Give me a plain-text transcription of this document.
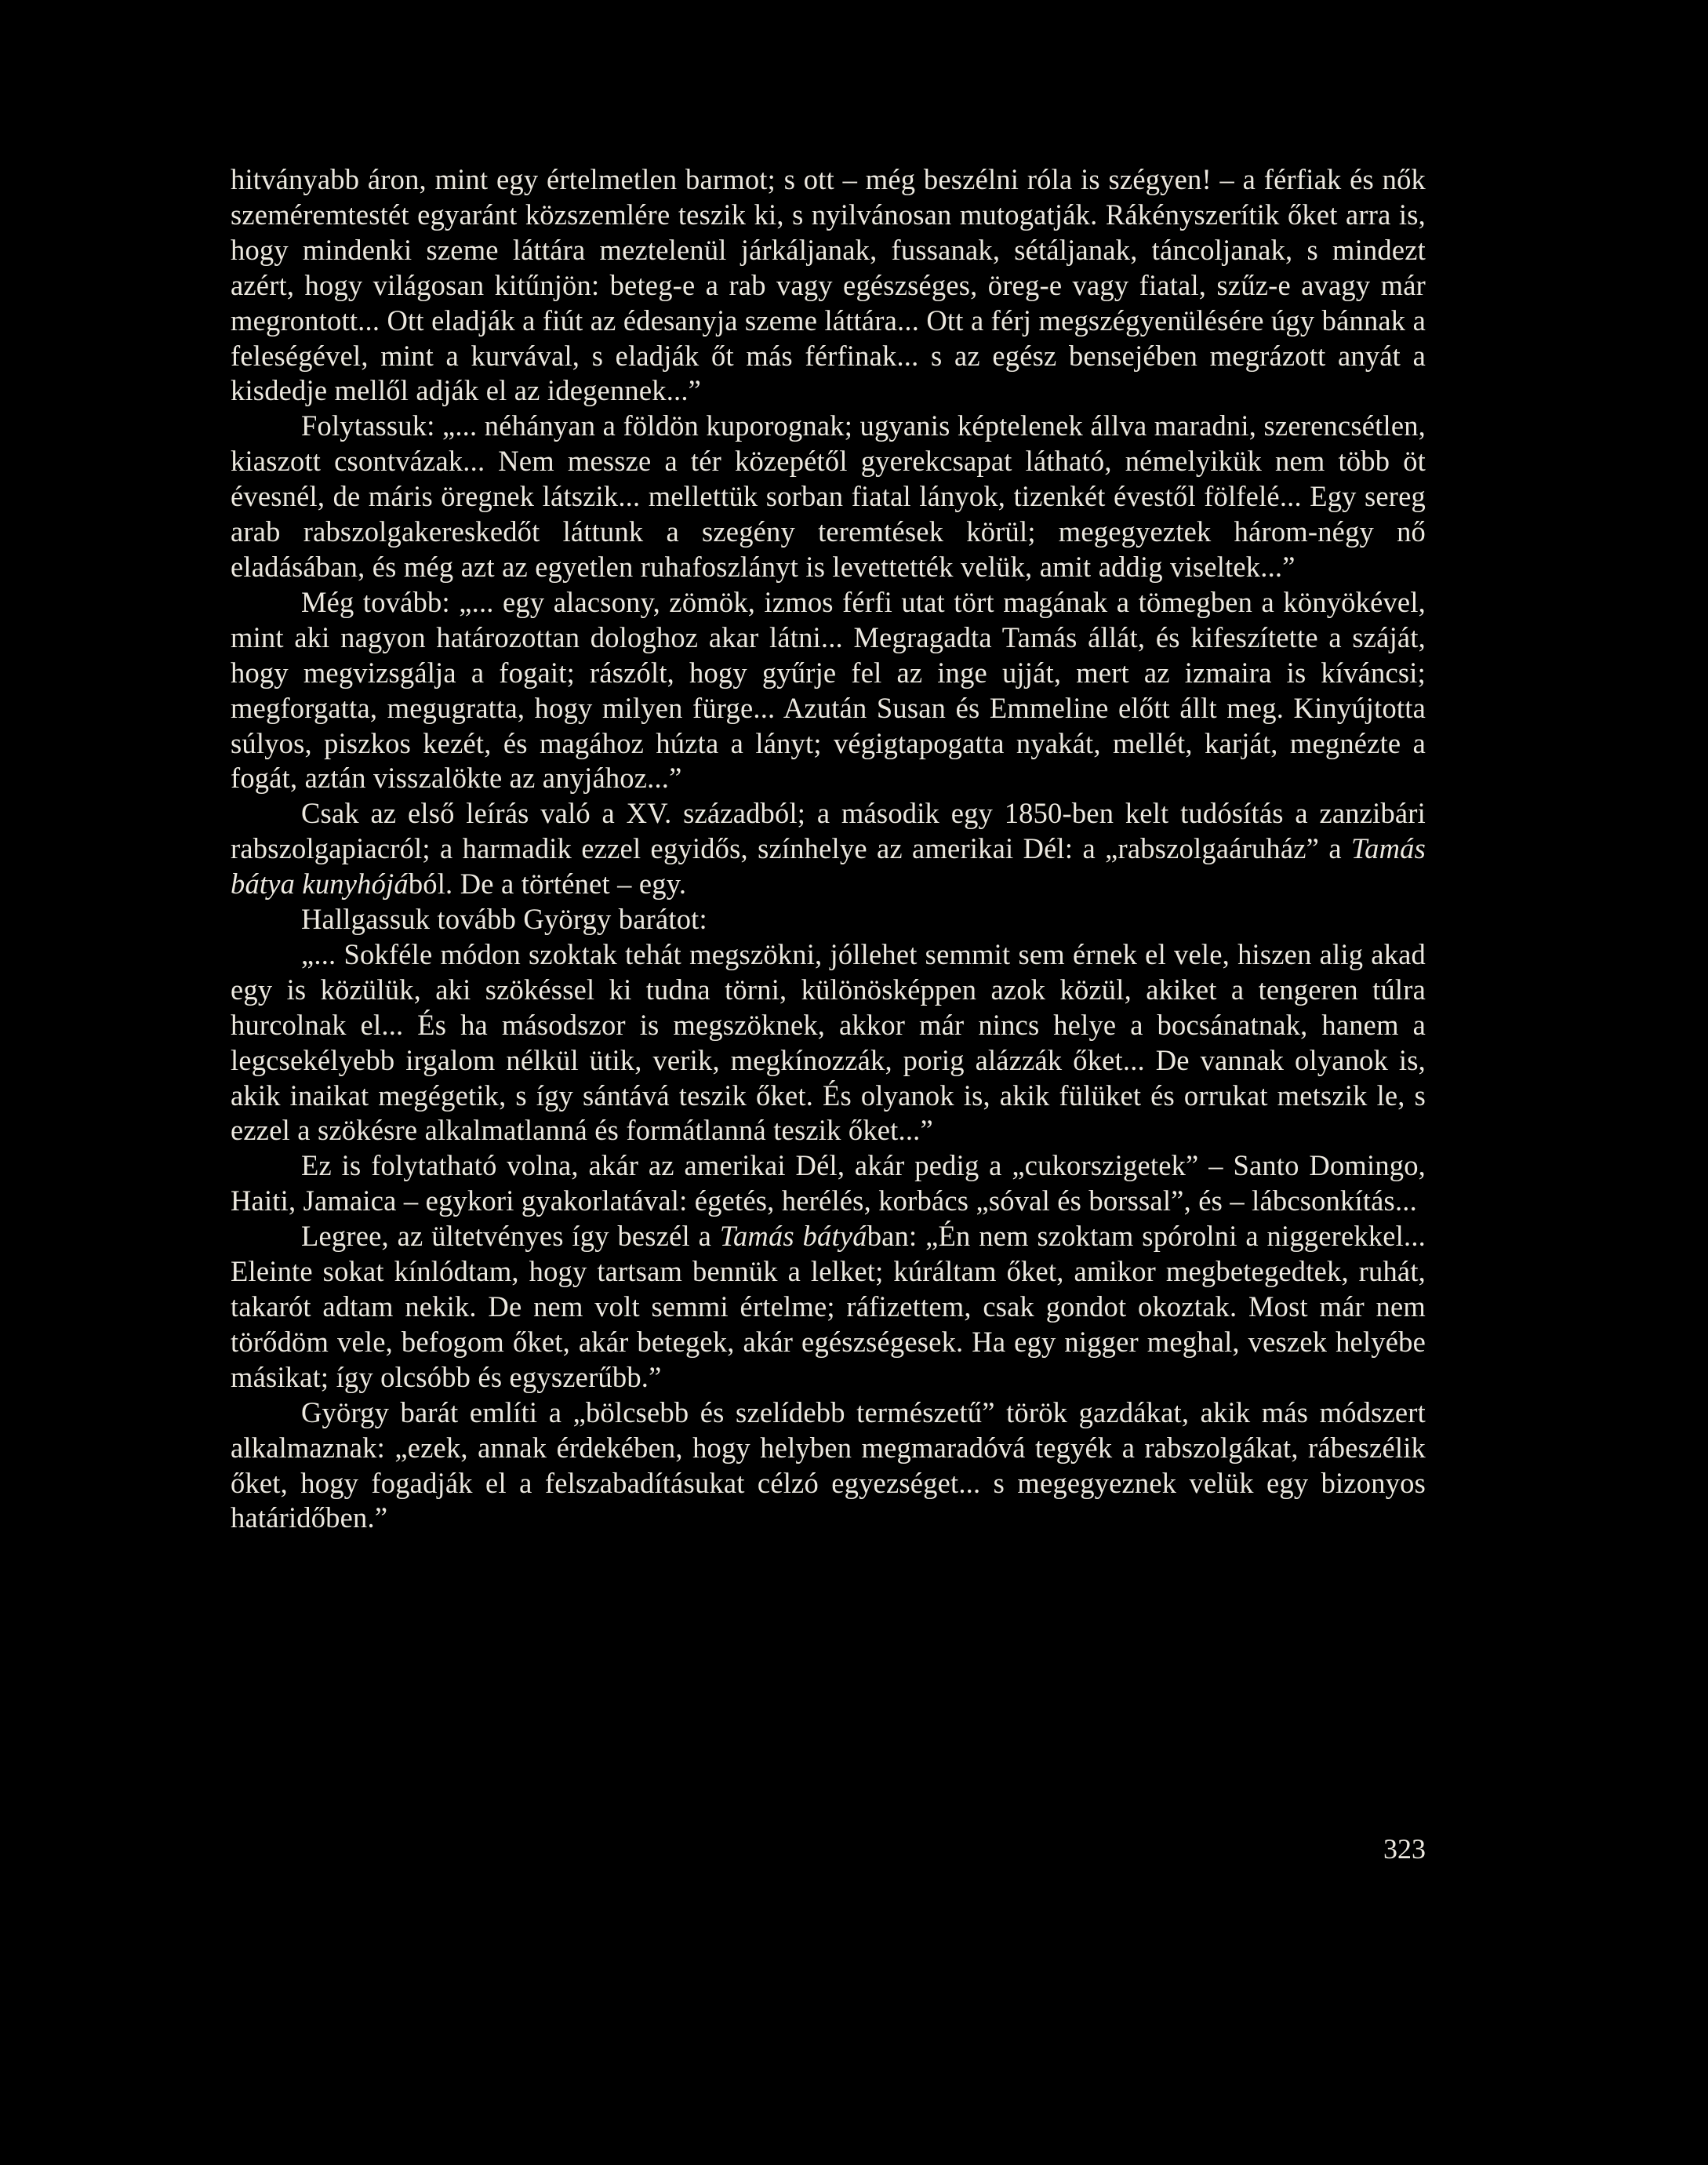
hitványabb áron, mint egy értelmetlen barmot; s ott – még beszélni róla is szégyen! – a férfiak és nők szeméremtestét egyaránt közszemlére teszik ki, s nyilvánosan mutogatják. Rákényszerítik őket arra is, hogy mindenki szeme láttára meztelenül járkáljanak, fussanak, sétáljanak, táncoljanak, s mindezt azért, hogy világosan kitűnjön: beteg-e a rab vagy egészséges, öreg-e vagy fiatal, szűz-e avagy már megrontott... Ott eladják a fiút az édesanyja szeme láttára... Ott a férj megszégyenülésére úgy bánnak a feleségével, mint a kurvával, s eladják őt más férfinak... s az egész bensejében megrázott anyát a kisdedje mellől adják el az idegennek...”

Folytassuk: „... néhányan a földön kuporognak; ugyanis képtelenek állva maradni, szerencsétlen, kiaszott csontvázak... Nem messze a tér közepétől gyerekcsapat látható, némelyikük nem több öt évesnél, de máris öregnek látszik... mellettük sorban fiatal lányok, tizenkét évestől fölfelé... Egy sereg arab rabszolgakereskedőt láttunk a szegény teremtések körül; megegyeztek három-négy nő eladásában, és még azt az egyetlen ruhafoszlányt is levettették velük, amit addig viseltek...”

Még tovább: „... egy alacsony, zömök, izmos férfi utat tört magának a tömegben a könyökével, mint aki nagyon határozottan dologhoz akar látni... Megragadta Tamás állát, és kifeszítette a száját, hogy megvizsgálja a fogait; rászólt, hogy gyűrje fel az inge ujját, mert az izmaira is kíváncsi; megforgatta, megugratta, hogy milyen fürge... Azután Susan és Emmeline előtt állt meg. Kinyújtotta súlyos, piszkos kezét, és magához húzta a lányt; végigtapogatta nyakát, mellét, karját, megnézte a fogát, aztán visszalökte az anyjához...”

Csak az első leírás való a XV. századból; a második egy 1850-ben kelt tudósítás a zanzibári rabszolgapiacról; a harmadik ezzel egyidős, színhelye az amerikai Dél: a „rabszolgaáruház” a Tamás bátya kunyhójából. De a történet – egy.

Hallgassuk tovább György barátot:

„... Sokféle módon szoktak tehát megszökni, jóllehet semmit sem érnek el vele, hiszen alig akad egy is közülük, aki szökéssel ki tudna törni, különösképpen azok közül, akiket a tengeren túlra hurcolnak el... És ha másodszor is megszöknek, akkor már nincs helye a bocsánatnak, hanem a legcsekélyebb irgalom nélkül ütik, verik, megkínozzák, porig alázzák őket... De vannak olyanok is, akik inaikat megégetik, s így sántává teszik őket. És olyanok is, akik fülüket és orrukat metszik le, s ezzel a szökésre alkalmatlanná és formátlanná teszik őket...”

Ez is folytatható volna, akár az amerikai Dél, akár pedig a „cukorszigetek” – Santo Domingo, Haiti, Jamaica – egykori gyakorlatával: égetés, herélés, korbács „sóval és borssal”, és – lábcsonkítás...

Legree, az ültetvényes így beszél a Tamás bátyában: „Én nem szoktam spórolni a niggerekkel... Eleinte sokat kínlódtam, hogy tartsam bennük a lelket; kúráltam őket, amikor megbetegedtek, ruhát, takarót adtam nekik. De nem volt semmi értelme; ráfizettem, csak gondot okoztak. Most már nem törődöm vele, befogom őket, akár betegek, akár egészségesek. Ha egy nigger meghal, veszek helyébe másikat; így olcsóbb és egyszerűbb.”

György barát említi a „bölcsebb és szelídebb természetű” török gazdákat, akik más módszert alkalmaznak: „ezek, annak érdekében, hogy helyben megmaradóvá tegyék a rabszolgákat, rábeszélik őket, hogy fogadják el a felszabadításukat célzó egyezséget... s megegyeznek velük egy bizonyos határidőben.”

323
